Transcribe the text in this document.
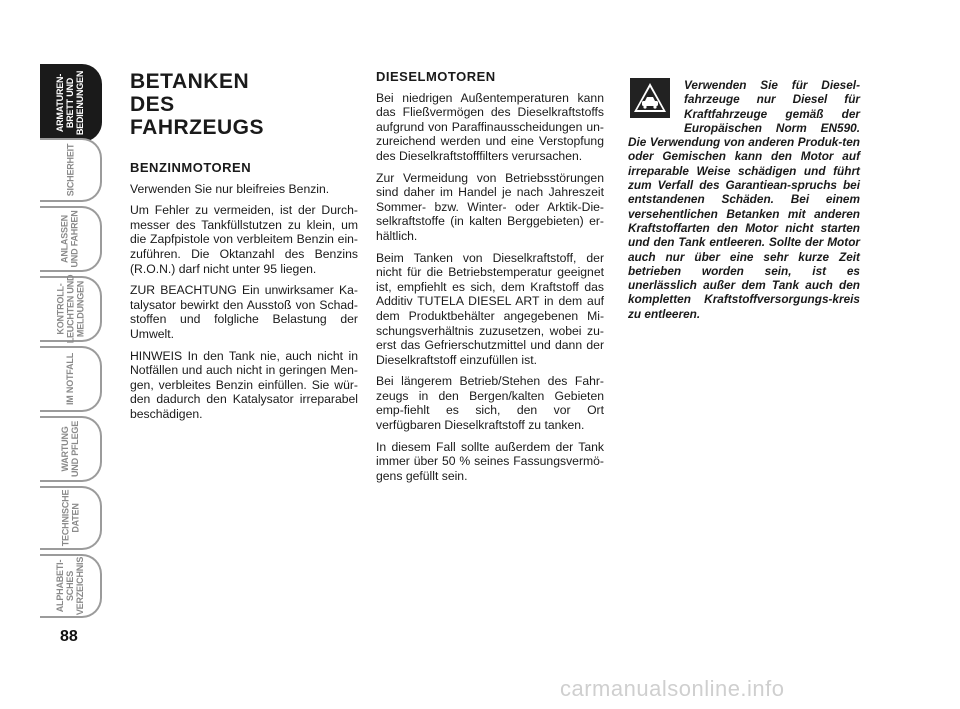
ARMATUREN-
BRETT UND
BEDIENUNGEN
SICHERHEIT
ANLASSEN
UND FAHREN
KONTROLL-
LEUCHTEN UND
MELDUNGEN
IM NOTFALL
WARTUNG
UND PFLEGE
TECHNISCHE
DATEN
ALPHABETI-
SCHES
VERZEICHNIS
88
BETANKEN DES FAHRZEUGS
BENZINMOTOREN

Verwenden Sie nur bleifreies Benzin.

Um Fehler zu vermeiden, ist der Durch-messer des Tankfüllstutzen zu klein, um die Zapfpistole von verbleitem Benzin ein-zuführen. Die Oktanzahl des Benzins (R.O.N.) darf nicht unter 95 liegen.

ZUR BEACHTUNG Ein unwirksamer Ka-talysator bewirkt den Ausstoß von Schad-stoffen und folgliche Belastung der Umwelt.

HINWEIS In den Tank nie, auch nicht in Notfällen und auch nicht in geringen Men-gen, verbleites Benzin einfüllen. Sie wür-den dadurch den Katalysator irreparabel beschädigen.

DIESELMOTOREN

Bei niedrigen Außentemperaturen kann das Fließvermögen des Dieselkraftstoffs aufgrund von Paraffinausscheidungen un-zureichend werden und eine Verstopfung des Dieselkraftstofffilters verursachen.

Zur Vermeidung von Betriebsstörungen sind daher im Handel je nach Jahreszeit Sommer- bzw. Winter- oder Arktik-Die-selkraftstoffe (in kalten Berggebieten) er-hältlich.

Beim Tanken von Dieselkraftstoff, der nicht für die Betriebstemperatur geeignet ist, empfiehlt es sich, dem Kraftstoff das Additiv TUTELA DIESEL ART in dem auf dem Produktbehälter angegebenen Mi-schungsverhältnis zuzusetzen, wobei zu-erst das Gefrierschutzmittel und dann der Dieselkraftstoff einzufüllen ist.

Bei längerem Betrieb/Stehen des Fahr-zeugs in den Bergen/kalten Gebieten emp-fiehlt es sich, den vor Ort verfügbaren Dieselkraftstoff zu tanken.

In diesem Fall sollte außerdem der Tank immer über 50 % seines Fassungsvermö-gens gefüllt sein.

Verwenden Sie für Diesel-fahrzeuge nur Diesel für Kraftfahrzeuge gemäß der Europäischen Norm EN590. Die Verwendung von anderen Produk-ten oder Gemischen kann den Motor auf irreparable Weise schädigen und führt zum Verfall des Garantiean-spruchs bei entstandenen Schäden. Bei einem versehentlichen Betanken mit anderen Kraftstoffarten den Motor nicht starten und den Tank entleeren. Sollte der Motor auch nur über eine sehr kurze Zeit betrieben worden sein, ist es unerlässlich außer dem Tank auch den kompletten Kraftstoffversorgungs-kreis zu entleeren.
carmanualsonline.info
